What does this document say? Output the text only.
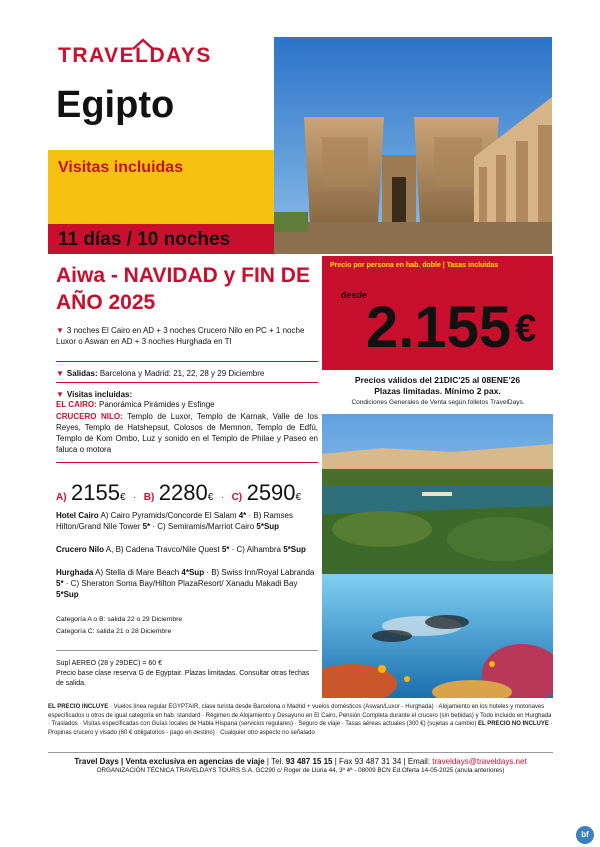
TRAVELDAYS
Egipto
Visitas incluidas
11 días / 10 noches
Aiwa - NAVIDAD y FIN DE AÑO 2025
Precio por persona en hab. doble | Tasas incluidas
desde
2.155 €
Precios válidos del 21DIC'25 al 08ENE'26
Plazas limitadas. Mínimo 2 pax.
Condiciones Generales de Venta según folletos TravelDays.
▼ 3 noches El Cairo en AD + 3 noches Crucero Nilo en PC + 1 noche Luxor o Aswan en AD + 3 noches Hurghada en TI
▼ Salidas: Barcelona y Madrid: 21, 22, 28 y 29 Diciembre
▼ Visitas incluidas:
EL CAIRO: Panorámica Pirámides y Esfinge
CRUCERO NILO: Templo de Luxor, Templo de Karnak, Valle de los Reyes, Templo de Hatshepsut, Colosos de Memnon, Templo de Edfú, Templo de Kom Ombo, Luz y sonido en el Templo de Philae y Paseo en faluca o motora
A) 2155€ · B) 2280€ · C) 2590€
Hotel Cairo A) Cairo Pyramids/Concorde El Salam 4* · B) Ramses Hilton/Grand Nile Tower 5* · C) Semiramis/Marriot Cairo 5*Sup
Crucero Nilo A, B) Cadena Travco/Nile Quest 5* · C) Alhambra 5*Sup
Hurghada A) Stella di Mare Beach 4*Sup · B) Swiss Inn/Royal Labranda 5* · C) Sheraton Soma Bay/Hilton PlazaResort/ Xanadu Makadi Bay 5*Sup
Categoría A o B: salida 22 o 29 Diciembre
Categoría C: salida 21 o 28 Diciembre
Supl AEREO (28 y 29DEC) = 60 €
Precio base clase reserva G de Egyptair. Plazas limitadas. Consultar otras fechas de salida.
EL PRECIO INCLUYE · Vuelos línea regular EGYPTAIR, clase turista desde Barcelona o Madrid + vuelos domésticos (Aswan/Luxor - Hurghada) · Alojamiento en los hoteles y motonaves especificados u otros de igual categoría en hab. standard · Régimen de Alojamiento y Desayuno en El Cairo, Pensión Completa durante el crucero (sin bebidas) y Todo incluido en Hurghada · Traslados · Visitas especificadas con Guías locales de Habla Hispana (servicios regulares) · Seguro de viaje · Tasas aéreas actuales (300 €) (sujetas a cambio) EL PRECIO NO INCLUYE · Propinas crucero y visado (60 € obligatorios - pago en destino) · Cualquier otro aspecto no señalado
Travel Days | Venta exclusiva en agencias de viaje | Tel. 93 487 15 15 | Fax 93 487 31 34 | Email: traveldays@traveldays.net
ORGANIZACIÓN TÉCNICA TRAVELDAYS TOURS S.A. GC290 c/ Roger de Llúria 44, 3º 4ª - 08009 BCN Ed.Oferta 14-05-2025 (anula anteriores)
bf
